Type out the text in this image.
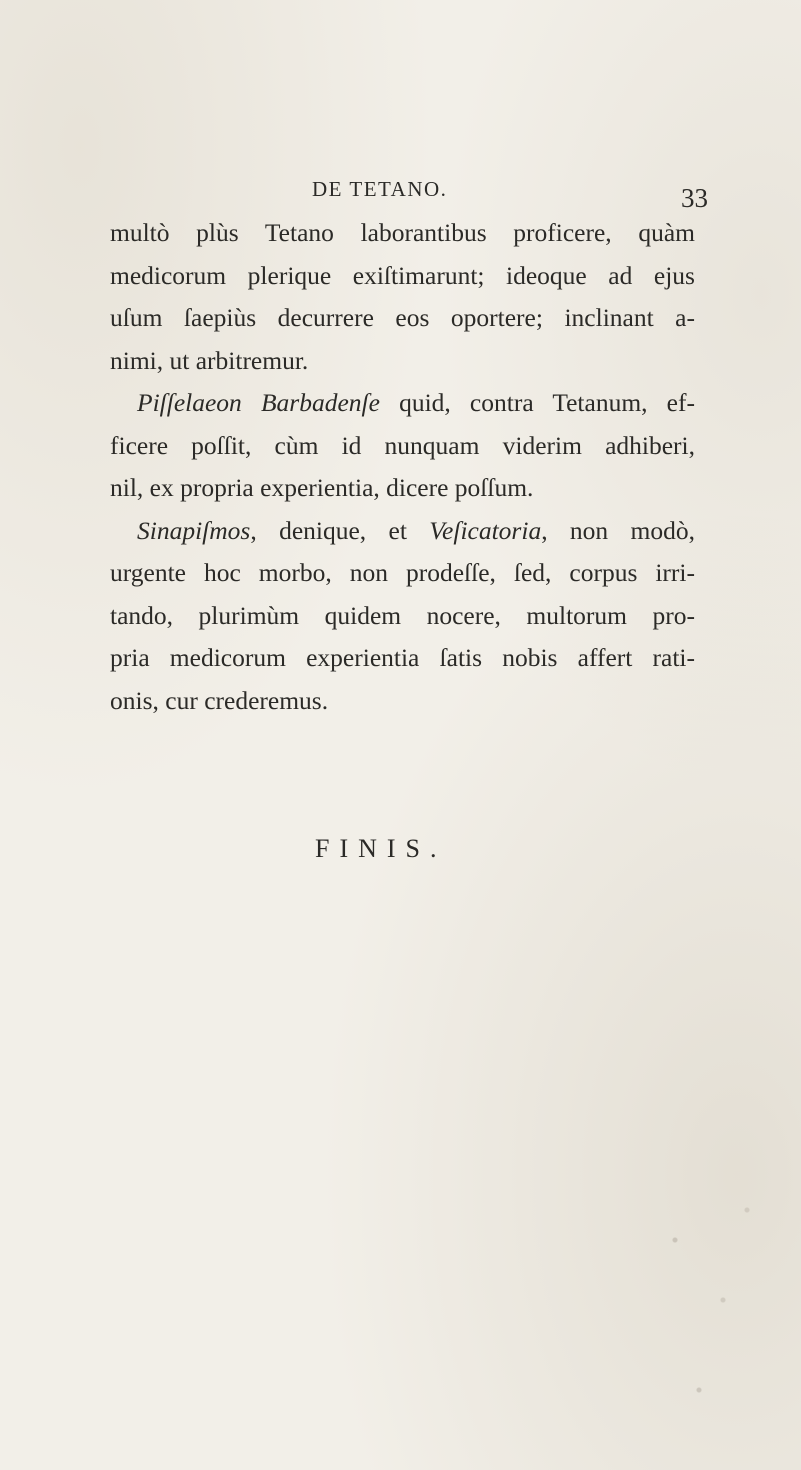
DE TETANO.	33
multò plùs Tetano laborantibus proficere, quàm
medicorum plerique exiſtimarunt; ideoque ad ejus
uſum ſaepiùs decurrere eos oportere; inclinant a-
nimi, ut arbitremur.
Piſſelaeon Barbadenſe quid, contra Tetanum, ef-
ficere poſſit, cùm id nunquam viderim adhiberi,
nil, ex propria experientia, dicere poſſum.
Sinapiſmos, denique, et Veſicatoria, non modò,
urgente hoc morbo, non prodeſſe, ſed, corpus irri-
tando, plurimùm quidem nocere, multorum pro-
pria medicorum experientia ſatis nobis affert rati-
onis, cur crederemus.
FINIS.
